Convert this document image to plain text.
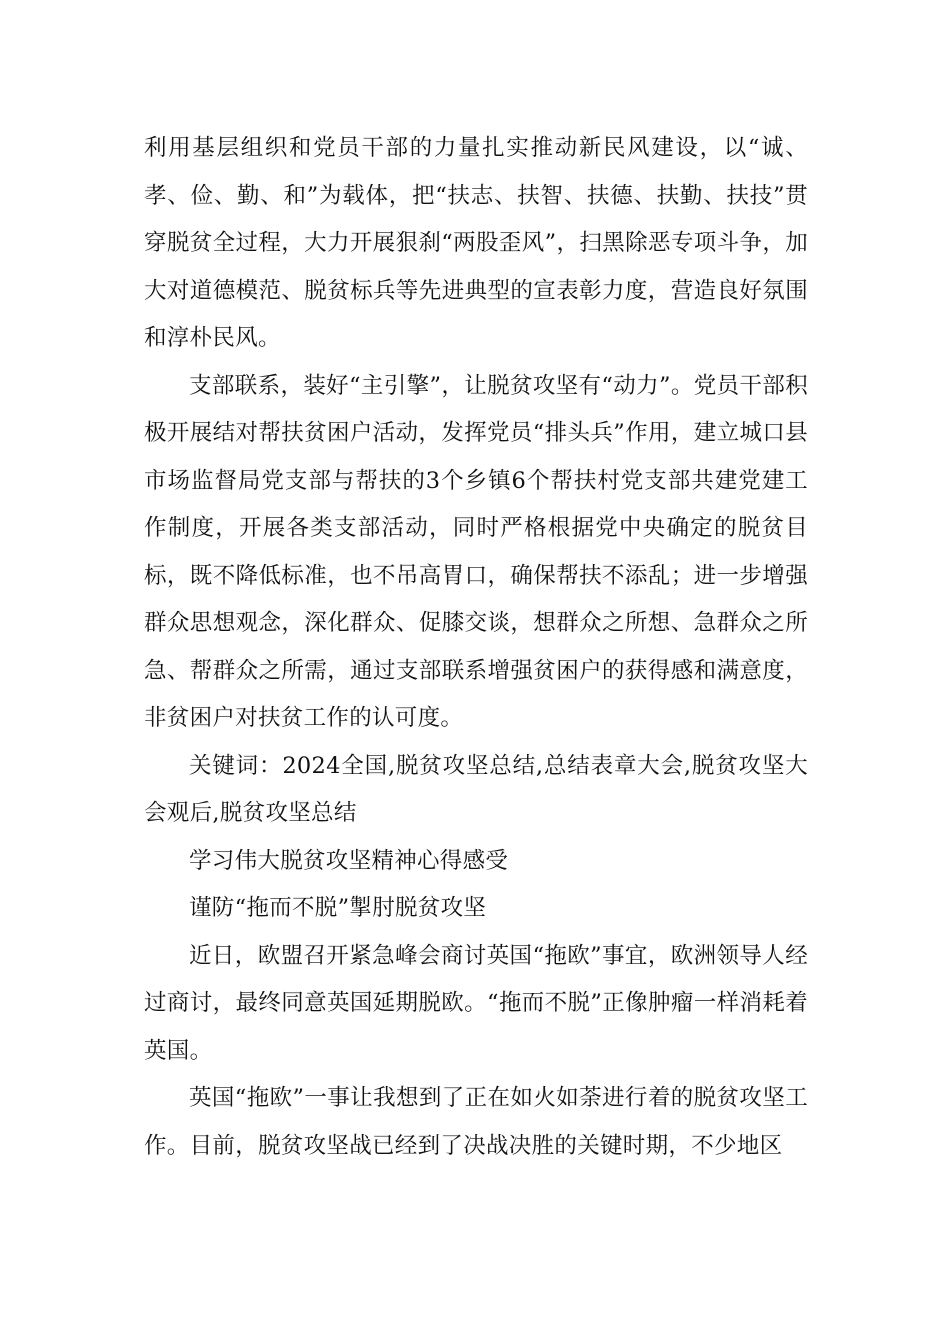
利用基层组织和党员干部的力量扎实推动新民风建设，以“诚、孝、俭、勤、和”为载体，把“扶志、扶智、扶德、扶勤、扶技”贯穿脱贫全过程，大力开展狠刹“两股歪风”，扫黑除恶专项斗争，加大对道德模范、脱贫标兵等先进典型的宣表彰力度，营造良好氛围和淳朴民风。

支部联系，装好“主引擎”，让脱贫攻坚有“动力”。党员干部积极开展结对帮扶贫困户活动，发挥党员“排头兵”作用，建立城口县市场监督局党支部与帮扶的3个乡镇6个帮扶村党支部共建党建工作制度，开展各类支部活动，同时严格根据党中央确定的脱贫目标，既不降低标准，也不吊高胃口，确保帮扶不添乱；进一步增强群众思想观念，深化群众、促膝交谈，想群众之所想、急群众之所急、帮群众之所需，通过支部联系增强贫困户的获得感和满意度，非贫困户对扶贫工作的认可度。

关键词：2024全国,脱贫攻坚总结,总结表章大会,脱贫攻坚大会观后,脱贫攻坚总结

学习伟大脱贫攻坚精神心得感受

谨防“拖而不脱”掣肘脱贫攻坚

近日，欧盟召开紧急峰会商讨英国“拖欧”事宜，欧洲领导人经过商讨，最终同意英国延期脱欧。“拖而不脱”正像肿瘤一样消耗着英国。

英国“拖欧”一事让我想到了正在如火如荼进行着的脱贫攻坚工作。目前，脱贫攻坚战已经到了决战决胜的关键时期，不少地区
